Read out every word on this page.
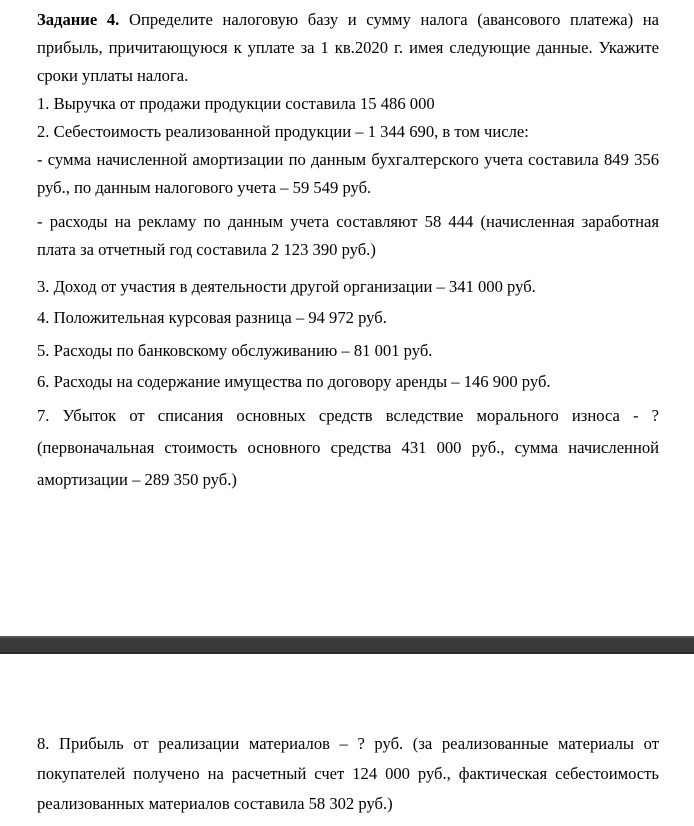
Задание 4. Определите налоговую базу и сумму налога (авансового платежа) на прибыль, причитающуюся к уплате за 1 кв.2020 г. имея следующие данные. Укажите сроки уплаты налога.

1. Выручка от продажи продукции составила 15 486 000

2. Себестоимость реализованной продукции – 1 344 690, в том числе:

- сумма начисленной амортизации по данным бухгалтерского учета составила 849 356 руб., по данным налогового учета – 59 549 руб.

- расходы на рекламу по данным учета составляют 58 444 (начисленная заработная плата за отчетный год составила 2 123 390 руб.)

3. Доход от участия в деятельности другой организации – 341 000 руб.

4. Положительная курсовая разница – 94 972 руб.

5. Расходы по банковскому обслуживанию – 81 001 руб.

6. Расходы на содержание имущества по договору аренды – 146 900 руб.

7. Убыток от списания основных средств вследствие морального износа - ? (первоначальная стоимость основного средства 431 000 руб., сумма начисленной амортизации – 289 350 руб.)

8. Прибыль от реализации материалов – ? руб. (за реализованные материалы от покупателей получено на расчетный счет 124 000 руб., фактическая себестоимость реализованных материалов составила 58 302 руб.)
